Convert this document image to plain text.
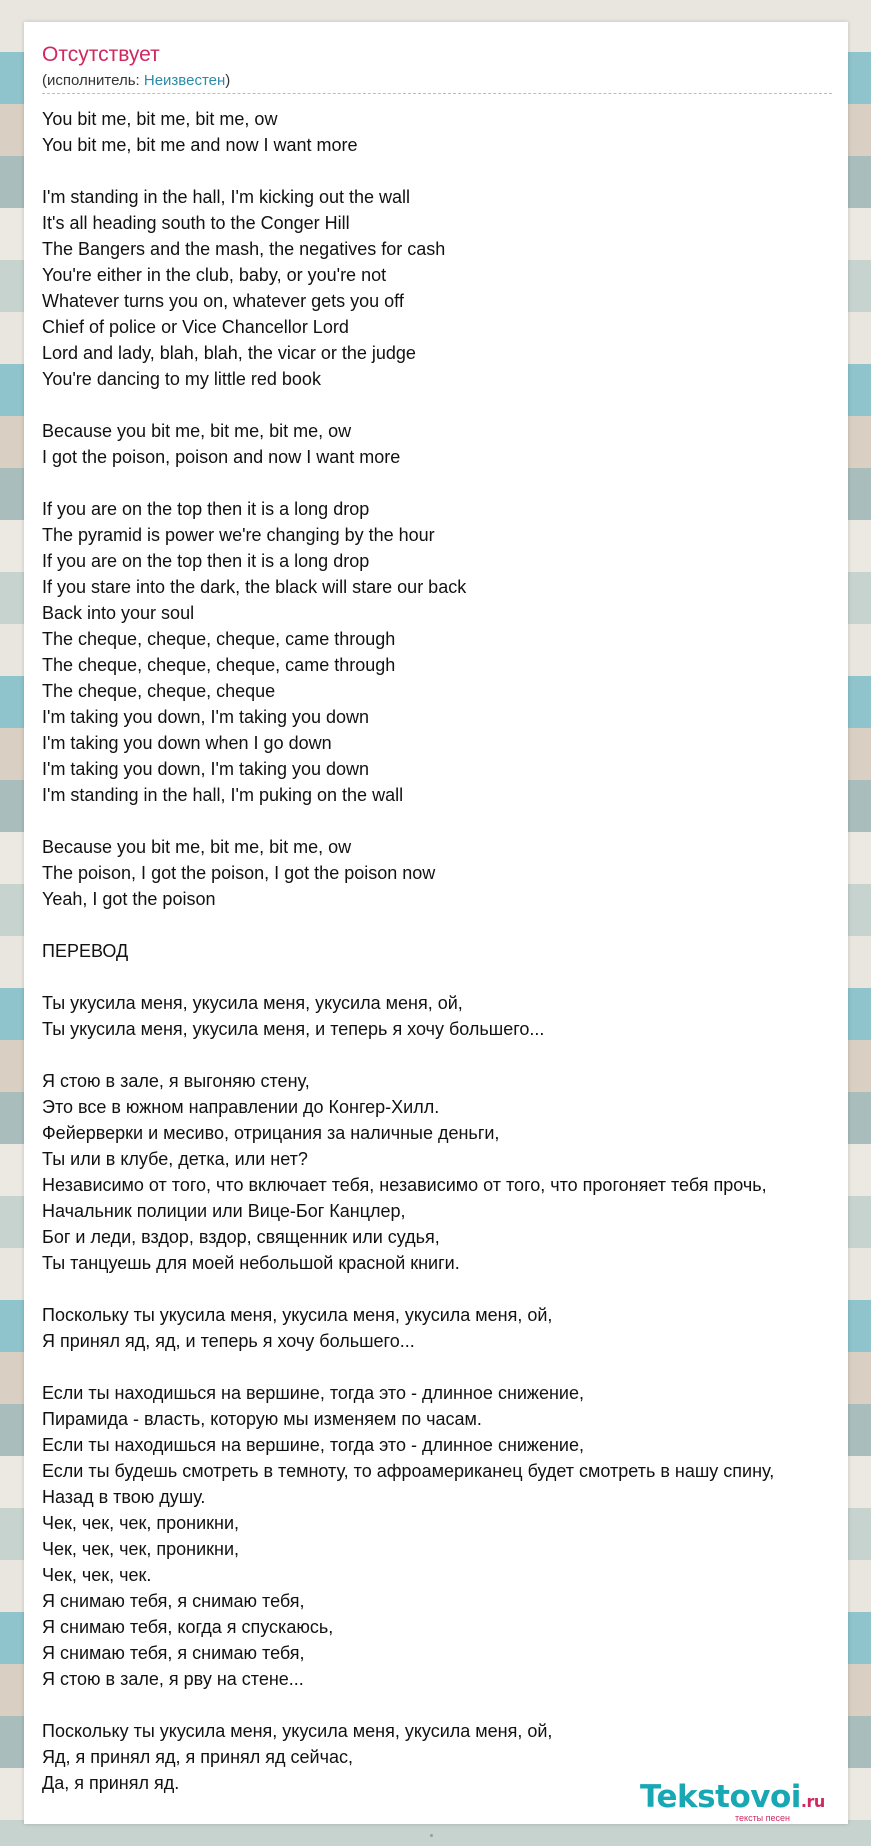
Отсутствует
(исполнитель: Неизвестен)
You bit me, bit me, bit me, ow
You bit me, bit me and now I want more
I'm standing in the hall, I'm kicking out the wall
It's all heading south to the Conger Hill
The Bangers and the mash, the negatives for cash
You're either in the club, baby, or you're not
Whatever turns you on, whatever gets you off
Chief of police or Vice Chancellor Lord
Lord and lady, blah, blah, the vicar or the judge
You're dancing to my little red book
Because you bit me, bit me, bit me, ow
I got the poison, poison and now I want more
If you are on the top then it is a long drop
The pyramid is power we're changing by the hour
If you are on the top then it is a long drop
If you stare into the dark, the black will stare our back
Back into your soul
The cheque, cheque, cheque, came through
The cheque, cheque, cheque, came through
The cheque, cheque, cheque
I'm taking you down, I'm taking you down
I'm taking you down when I go down
I'm taking you down, I'm taking you down
I'm standing in the hall, I'm puking on the wall
Because you bit me, bit me, bit me, ow
The poison, I got the poison, I got the poison now
Yeah, I got the poison
ПЕРЕВОД
Ты укусила меня, укусила меня, укусила меня, ой,
Ты укусила меня, укусила меня, и теперь я хочу большего...
Я стою в зале, я выгоняю стену,
Это все в южном направлении до Конгер-Хилл.
Фейерверки и месиво, отрицания за наличные деньги,
Ты или в клубе, детка, или нет?
Независимо от того, что включает тебя, независимо от того, что прогоняет тебя прочь,
Начальник полиции или Вице-Бог Канцлер,
Бог и леди, вздор, вздор, священник или судья,
Ты танцуешь для моей небольшой красной книги.
Поскольку ты укусила меня, укусила меня, укусила меня, ой,
Я принял яд, яд, и теперь я хочу большего...
Если ты находишься на вершине, тогда это - длинное снижение,
Пирамида - власть, которую мы изменяем по часам.
Если ты находишься на вершине, тогда это - длинное снижение,
Если ты будешь смотреть в темноту, то афроамериканец будет смотреть в нашу спину,
Назад в твою душу.
Чек, чек, чек, проникни,
Чек, чек, чек, проникни,
Чек, чек, чек.
Я снимаю тебя, я снимаю тебя,
Я снимаю тебя, когда я спускаюсь,
Я снимаю тебя, я снимаю тебя,
Я стою в зале, я рву на стене...
Поскольку ты укусила меня, укусила меня, укусила меня, ой,
Яд, я принял яд, я принял яд сейчас,
Да, я принял яд.	Tekstovoi.ru
тексты песен
